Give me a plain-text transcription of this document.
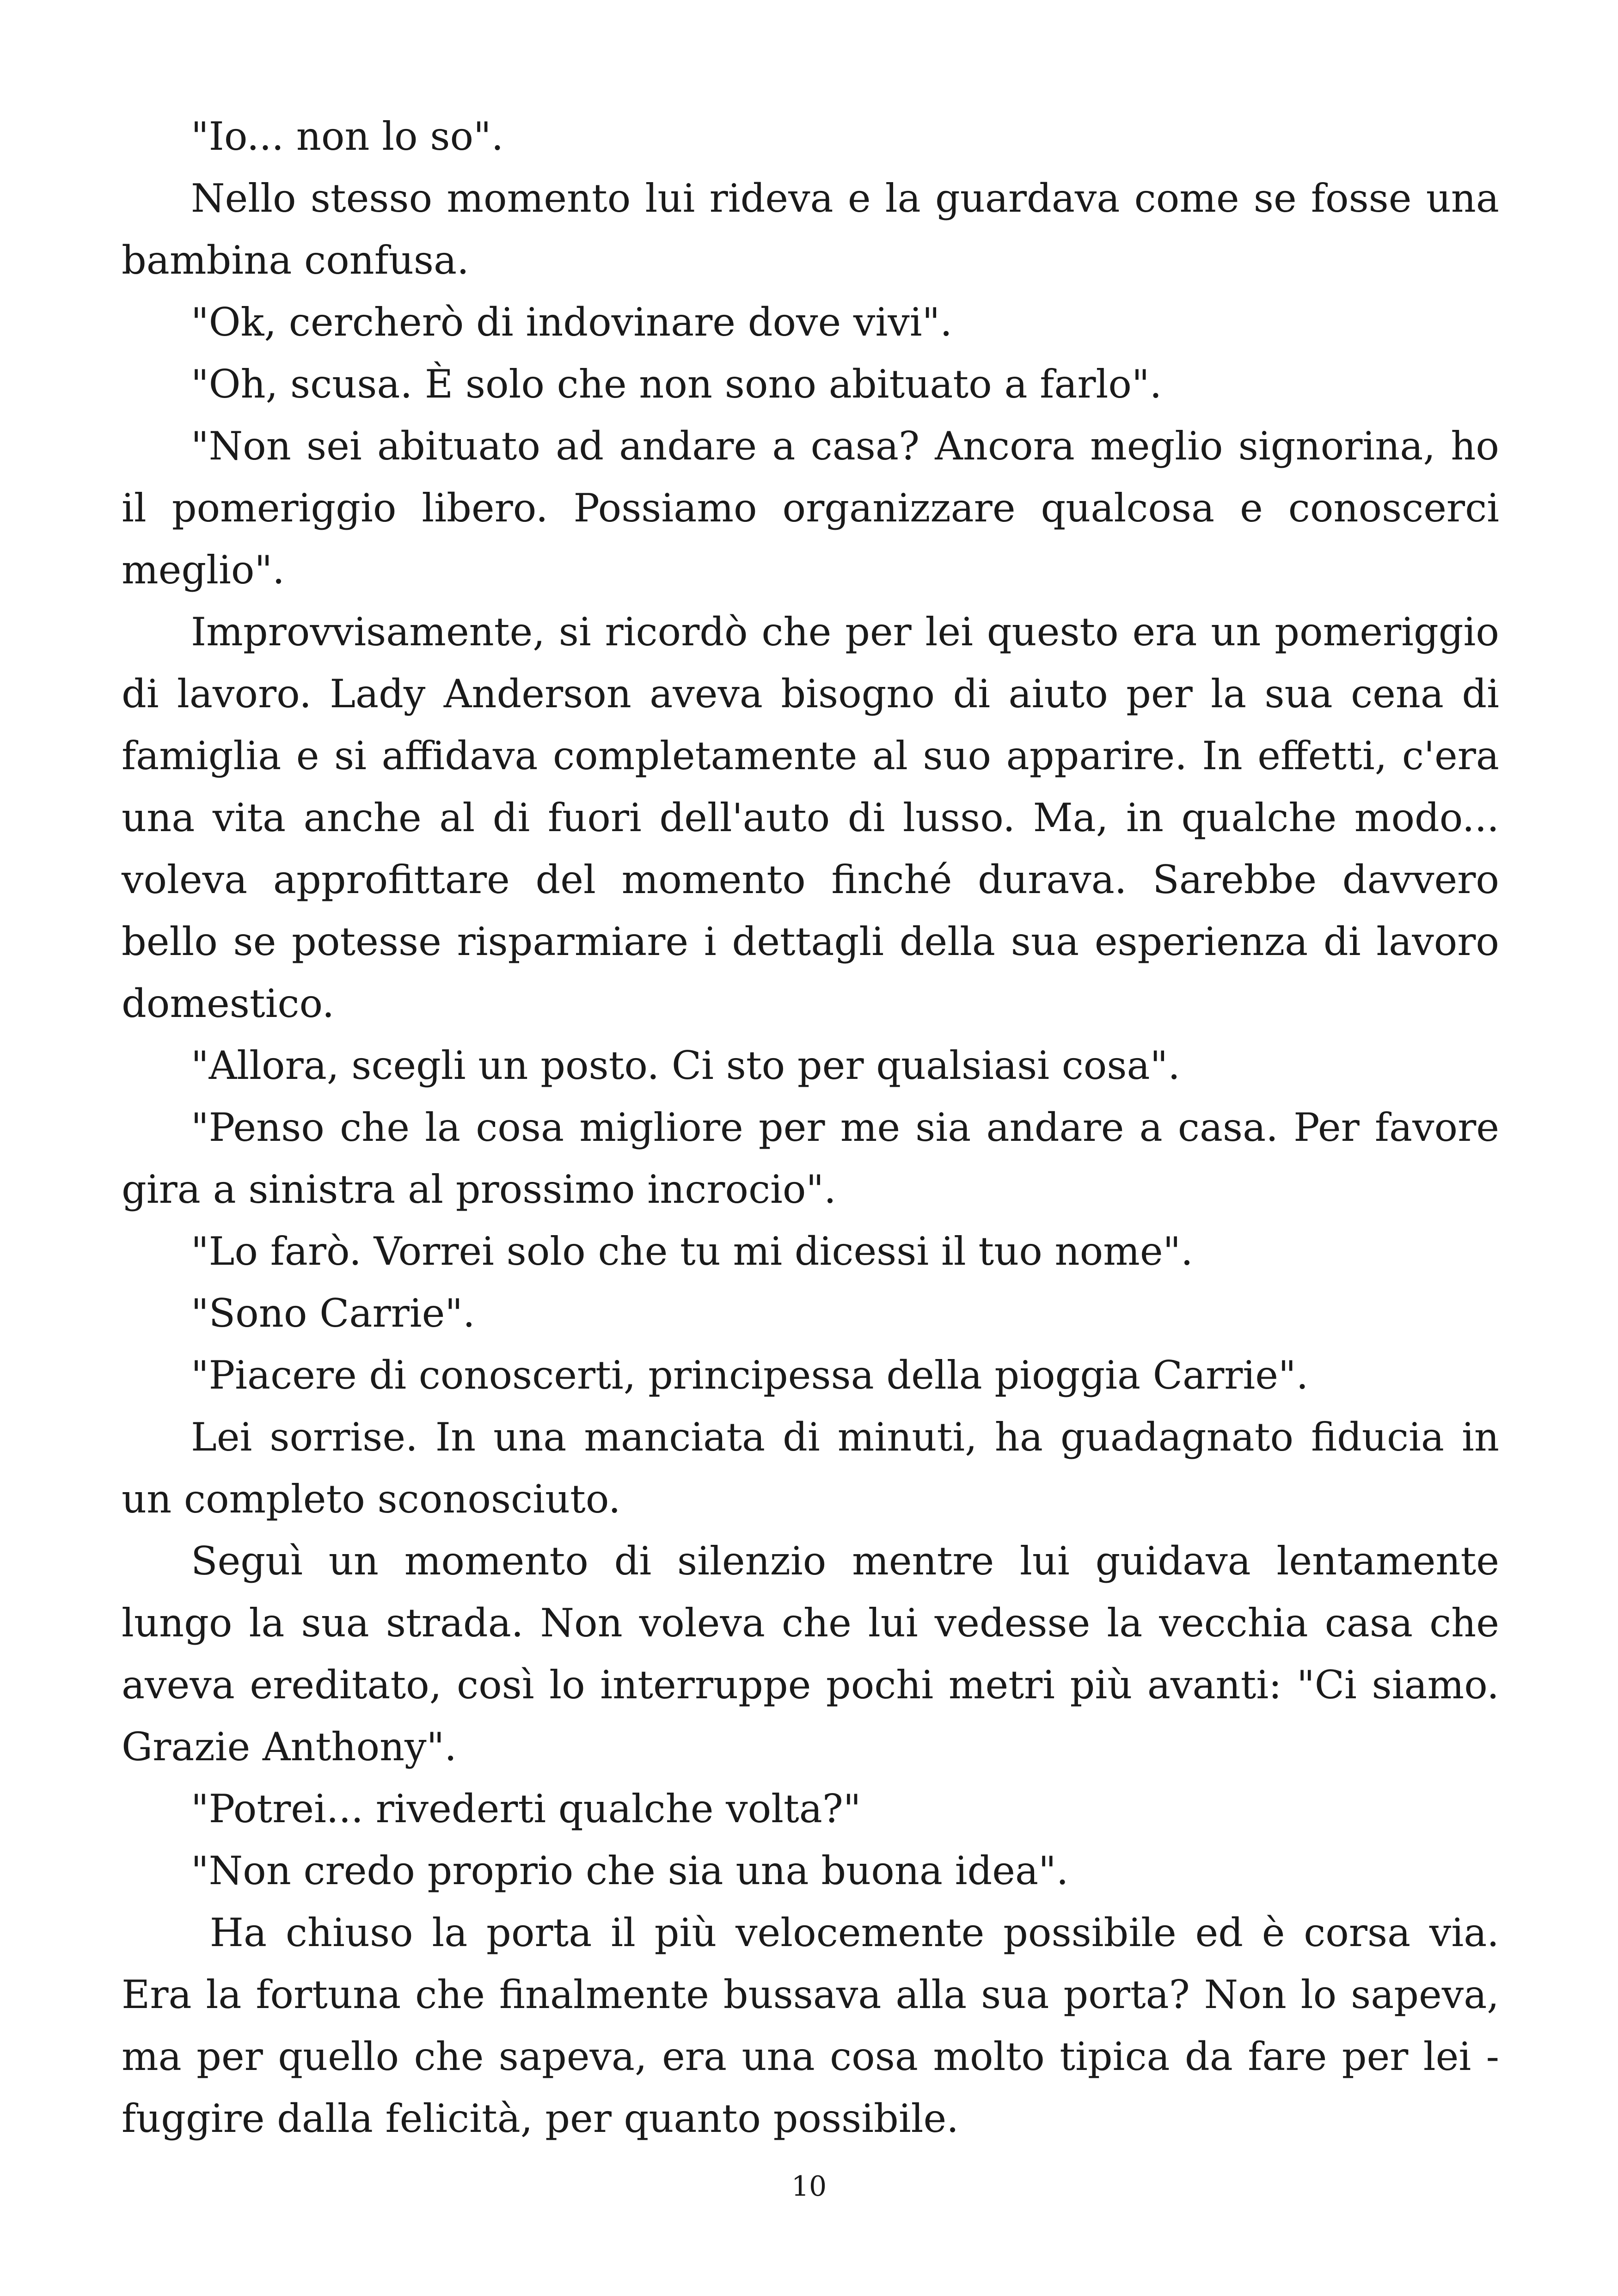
"Io... non lo so".

Nello stesso momento lui rideva e la guardava come se fosse una bambina confusa.

"Ok, cercherò di indovinare dove vivi".

"Oh, scusa. È solo che non sono abituato a farlo".

"Non sei abituato ad andare a casa? Ancora meglio signorina, ho il pomeriggio libero. Possiamo organizzare qualcosa e conoscerci meglio".

Improvvisamente, si ricordò che per lei questo era un pomeriggio di lavoro. Lady Anderson aveva bisogno di aiuto per la sua cena di famiglia e si affidava completamente al suo apparire. In effetti, c'era una vita anche al di fuori dell'auto di lusso. Ma, in qualche modo... voleva approfittare del momento finché durava. Sarebbe davvero bello se potesse risparmiare i dettagli della sua esperienza di lavoro domestico.

"Allora, scegli un posto. Ci sto per qualsiasi cosa".

"Penso che la cosa migliore per me sia andare a casa. Per favore gira a sinistra al prossimo incrocio".

"Lo farò. Vorrei solo che tu mi dicessi il tuo nome".

"Sono Carrie".

"Piacere di conoscerti, principessa della pioggia Carrie".

Lei sorrise. In una manciata di minuti, ha guadagnato fiducia in un completo sconosciuto.

Seguì un momento di silenzio mentre lui guidava lentamente lungo la sua strada. Non voleva che lui vedesse la vecchia casa che aveva ereditato, così lo interruppe pochi metri più avanti: "Ci siamo. Grazie Anthony".

"Potrei... rivederti qualche volta?"

"Non credo proprio che sia una buona idea".

Ha chiuso la porta il più velocemente possibile ed è corsa via. Era la fortuna che finalmente bussava alla sua porta? Non lo sapeva, ma per quello che sapeva, era una cosa molto tipica da fare per lei - fuggire dalla felicità, per quanto possibile.

10
